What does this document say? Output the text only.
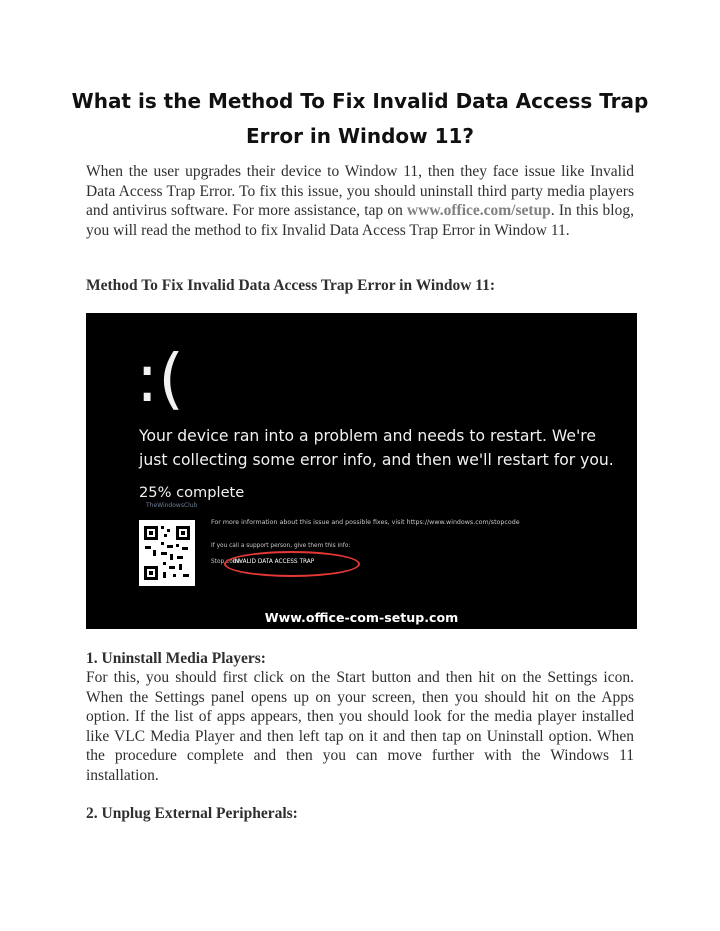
What is the Method To Fix Invalid Data Access Trap
Error in Window 11?

When the user upgrades their device to Window 11, then they face issue like Invalid Data Access Trap Error. To fix this issue, you should uninstall third party media players and antivirus software. For more assistance, tap on www.office.com/setup. In this blog, you will read the method to fix Invalid Data Access Trap Error in Window 11.

Method To Fix Invalid Data Access Trap Error in Window 11:
:(
Your device ran into a problem and needs to restart. We're just collecting some error info, and then we'll restart for you.
25% complete
TheWindowsClub
For more information about this issue and possible fixes, visit https://www.windows.com/stopcode
If you call a support person, give them this info:
Stop code:
INVALID DATA ACCESS TRAP
Www.office-com-setup.com
1. Uninstall Media Players:

For this, you should first click on the Start button and then hit on the Settings icon. When the Settings panel opens up on your screen, then you should hit on the Apps option. If the list of apps appears, then you should look for the media player installed like VLC Media Player and then left tap on it and then tap on Uninstall option. When the procedure complete and then you can move further with the Windows 11 installation.

2. Unplug External Peripherals:
